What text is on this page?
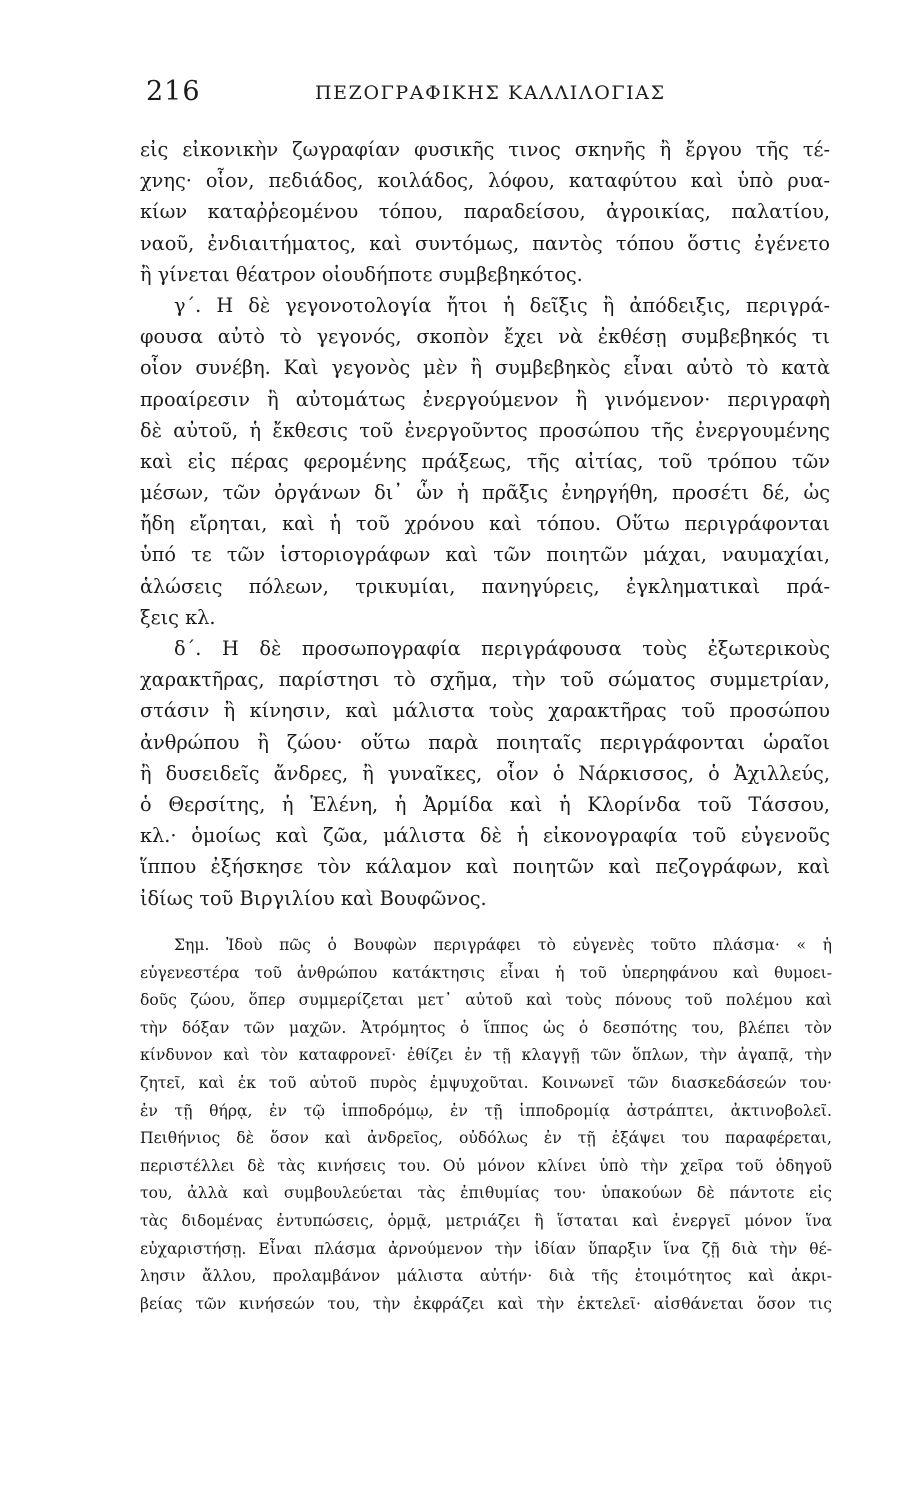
216	ΠΕΖΟΓΡΑΦΙΚΗΣ ΚΑΛΛΙΛΟΓΙΑΣ
εἰς εἰκονικὴν ζωγραφίαν φυσικῆς τινος σκηνῆς ἢ ἔργου τῆς τέ-
χνης· οἷον, πεδιάδος, κοιλάδος, λόφου, καταφύτου καὶ ὑπὸ ρυα-
κίων καταῤῥεομένου τόπου, παραδείσου, ἀγροικίας, παλατίου,
ναοῦ, ἐνδιαιτήματος, καὶ συντόμως, παντὸς τόπου ὅστις ἐγένετο
ἢ γίνεται θέατρον οἰουδήποτε συμβεβηκότος.
γ΄. Η δὲ γεγονοτολογία ἤτοι ἡ δεῖξις ἢ ἀπόδειξις, περιγρά-
φουσα αὐτὸ τὸ γεγονός, σκοπὸν ἔχει νὰ ἐκθέσῃ συμβεβηκός τι
οἷον συνέβη. Καὶ γεγονὸς μὲν ἢ συμβεβηκὸς εἶναι αὐτὸ τὸ κατὰ
προαίρεσιν ἢ αὐτομάτως ἐνεργούμενον ἢ γινόμενον· περιγραφὴ
δὲ αὐτοῦ, ἡ ἔκθεσις τοῦ ἐνεργοῦντος προσώπου τῆς ἐνεργουμένης
καὶ εἰς πέρας φερομένης πράξεως, τῆς αἰτίας, τοῦ τρόπου τῶν
μέσων, τῶν ὀργάνων δι᾽ ὧν ἡ πρᾶξις ἐνηργήθη, προσέτι δέ, ὡς
ἤδη εἴρηται, καὶ ἡ τοῦ χρόνου καὶ τόπου. Οὕτω περιγράφονται
ὑπό τε τῶν ἱστοριογράφων καὶ τῶν ποιητῶν μάχαι, ναυμαχίαι,
ἁλώσεις πόλεων, τρικυμίαι, πανηγύρεις, ἐγκληματικαὶ πρά-
ξεις κλ.
δ΄. Η δὲ προσωπογραφία περιγράφουσα τοὺς ἐξωτερικοὺς
χαρακτῆρας, παρίστησι τὸ σχῆμα, τὴν τοῦ σώματος συμμετρίαν,
στάσιν ἢ κίνησιν, καὶ μάλιστα τοὺς χαρακτῆρας τοῦ προσώπου
ἀνθρώπου ἢ ζώου· οὕτω παρὰ ποιηταῖς περιγράφονται ὡραῖοι
ἢ δυσειδεῖς ἄνδρες, ἢ γυναῖκες, οἷον ὁ Νάρκισσος, ὁ Ἀχιλλεύς,
ὁ Θερσίτης, ἡ Ἑλένη, ἡ Ἀρμίδα καὶ ἡ Κλορίνδα τοῦ Τάσσου,
κλ.· ὁμοίως καὶ ζῶα, μάλιστα δὲ ἡ εἰκονογραφία τοῦ εὐγενοῦς
ἵππου ἐξήσκησε τὸν κάλαμον καὶ ποιητῶν καὶ πεζογράφων, καὶ
ἰδίως τοῦ Βιργιλίου καὶ Βουφῶνος.
Σημ. Ἰδοὺ πῶς ὁ Βουφὼν περιγράφει τὸ εὐγενὲς τοῦτο πλάσμα· « ἡ
εὐγενεστέρα τοῦ ἀνθρώπου κατάκτησις εἶναι ἡ τοῦ ὑπερηφάνου καὶ θυμοει-
δοῦς ζώου, ὅπερ συμμερίζεται μετ᾽ αὐτοῦ καὶ τοὺς πόνους τοῦ πολέμου καὶ
τὴν δόξαν τῶν μαχῶν. Ἀτρόμητος ὁ ἵππος ὡς ὁ δεσπότης του, βλέπει τὸν
κίνδυνον καὶ τὸν καταφρονεῖ· ἐθίζει ἐν τῇ κλαγγῇ τῶν ὅπλων, τὴν ἀγαπᾷ, τὴν
ζητεῖ, καὶ ἐκ τοῦ αὐτοῦ πυρὸς ἐμψυχοῦται. Κοινωνεῖ τῶν διασκεδάσεών του·
ἐν τῇ θήρᾳ, ἐν τῷ ἱπποδρόμῳ, ἐν τῇ ἱπποδρομίᾳ ἀστράπτει, ἀκτινοβολεῖ.
Πειθήνιος δὲ ὅσον καὶ ἀνδρεῖος, οὐδόλως ἐν τῇ ἐξάψει του παραφέρεται,
περιστέλλει δὲ τὰς κινήσεις του. Οὐ μόνον κλίνει ὑπὸ τὴν χεῖρα τοῦ ὁδηγοῦ
του, ἀλλὰ καὶ συμβουλεύεται τὰς ἐπιθυμίας του· ὑπακούων δὲ πάντοτε εἰς
τὰς διδομένας ἐντυπώσεις, ὁρμᾷ, μετριάζει ἢ ἵσταται καὶ ἐνεργεῖ μόνον ἵνα
εὐχαριστήσῃ. Εἶναι πλάσμα ἀρνούμενον τὴν ἰδίαν ὕπαρξιν ἵνα ζῇ διὰ τὴν θέ-
λησιν ἄλλου, προλαμβάνον μάλιστα αὐτήν· διὰ τῆς ἑτοιμότητος καὶ ἀκρι-
βείας τῶν κινήσεών του, τὴν ἐκφράζει καὶ τὴν ἐκτελεῖ· αἰσθάνεται ὅσον τις
